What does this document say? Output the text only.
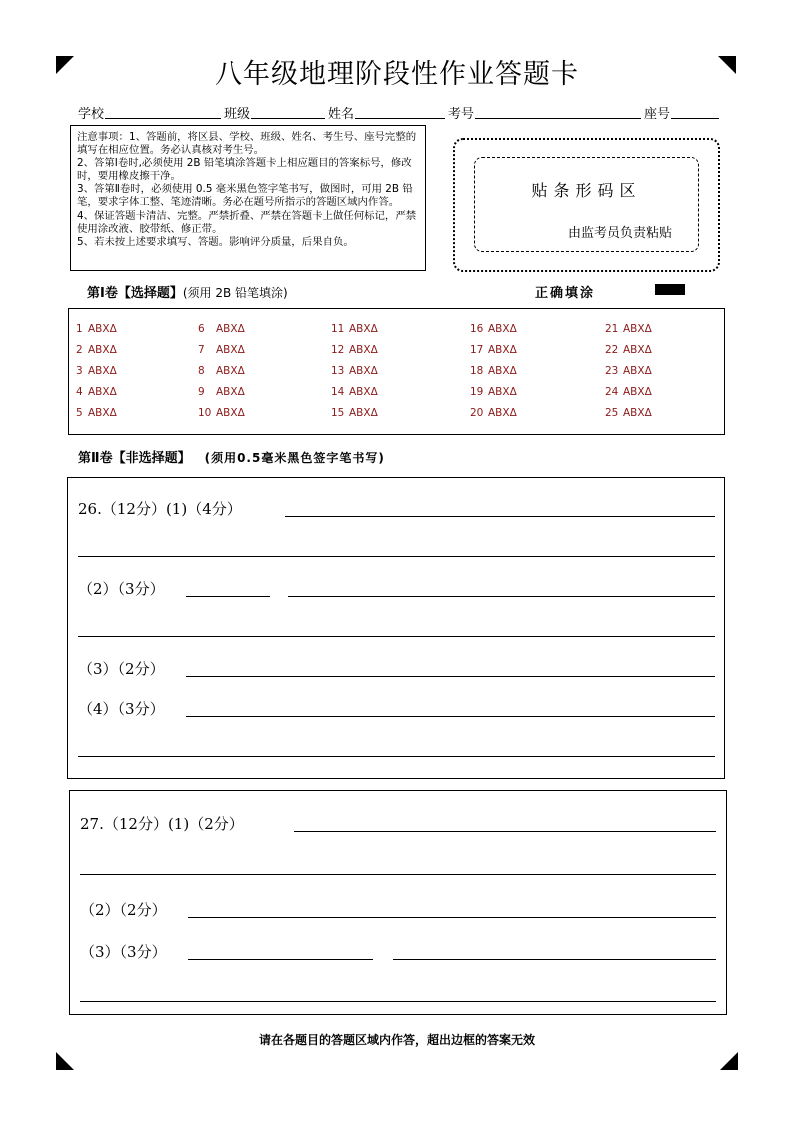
八年级地理阶段性作业答题卡
学校	班级	姓名	考号	座号

注意事项：1、答题前，将区县、学校、班级、姓名、考生号、座号完整的填写在相应位置。务必认真核对考生号。

2、答第Ⅰ卷时,必须使用 2B 铅笔填涂答题卡上相应题目的答案标号，修改时，要用橡皮擦干净。

3、答第Ⅱ卷时，必须使用 0.5 毫米黑色签字笔书写，做图时，可用 2B 铅笔，要求字体工整、笔迹清晰。务必在题号所指示的答题区域内作答。

4、保证答题卡清洁、完整。严禁折叠、严禁在答题卡上做任何标记，严禁使用涂改液、胶带纸、修正带。

5、若未按上述要求填写、答题。影响评分质量，后果自负。

贴条形码区
由监考员负责粘贴
第Ⅰ卷【选择题】(须用 2B 铅笔填涂)	正确填涂
1 ABXΔ	6 ABXΔ	11 ABXΔ	16 ABXΔ	21 ABXΔ
2 ABXΔ	7 ABXΔ	12 ABXΔ	17 ABXΔ	22 ABXΔ
3 ABXΔ	8 ABXΔ	13 ABXΔ	18 ABXΔ	23 ABXΔ
4 ABXΔ	9 ABXΔ	14 ABXΔ	19 ABXΔ	24 ABXΔ
5 ABXΔ	10 ABXΔ	15 ABXΔ	20 ABXΔ	25 ABXΔ
第Ⅱ卷【非选择题】 (须用0.5毫米黑色签字笔书写)
26.（12分）(1)（4分）
（2）（3分）
（3）（2分）
（4）（3分）
27.（12分）(1)（2分）
（2）（2分）
（3）（3分）
请在各题目的答题区域内作答，超出边框的答案无效
